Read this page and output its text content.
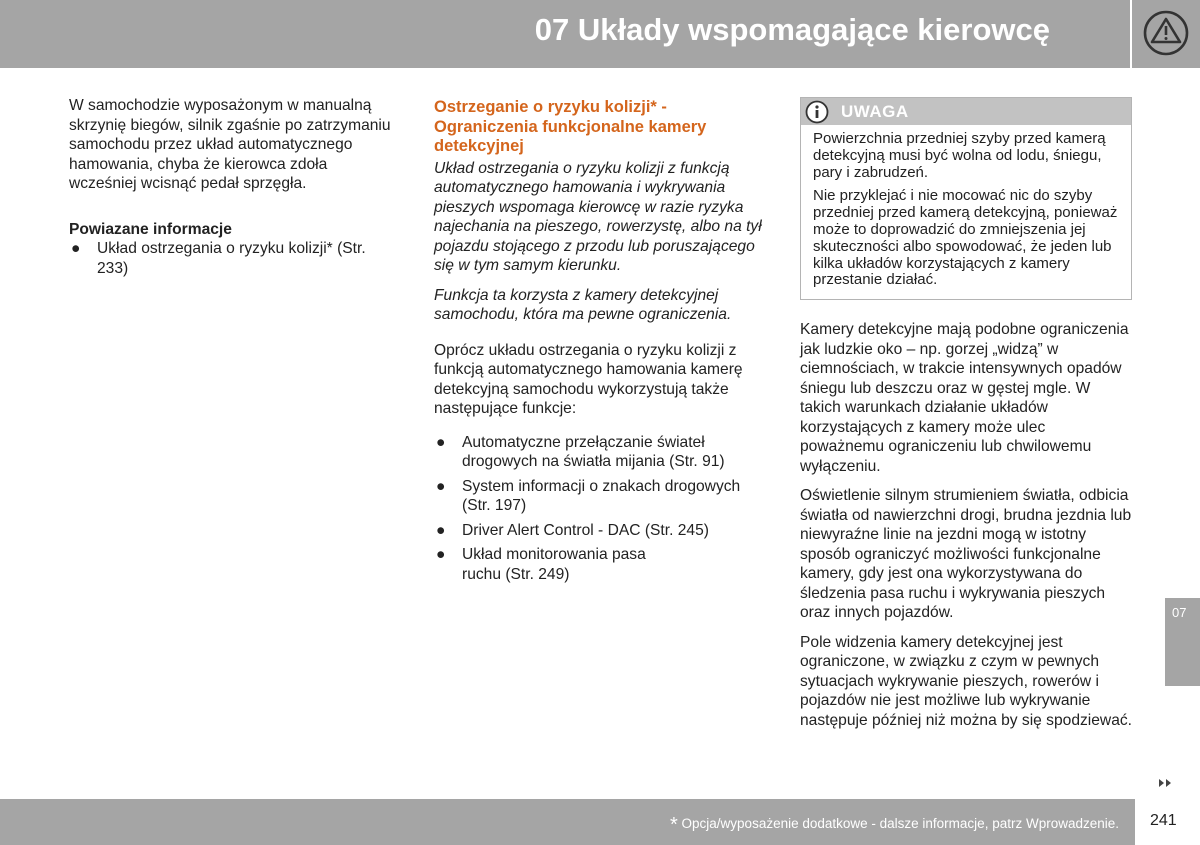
07 Układy wspomagające kierowcę

W samochodzie wyposażonym w manualną skrzynię biegów, silnik zgaśnie po zatrzymaniu samochodu przez układ automatycznego hamowania, chyba że kierowca zdoła wcześniej wcisnąć pedał sprzęgła.

Powiazane informacje
● Układ ostrzegania o ryzyku kolizji* (Str. 233)
Ostrzeganie o ryzyku kolizji* - Ograniczenia funkcjonalne kamery detekcyjnej

Układ ostrzegania o ryzyku kolizji z funkcją automatycznego hamowania i wykrywania pieszych wspomaga kierowcę w razie ryzyka najechania na pieszego, rowerzystę, albo na tył pojazdu stojącego z przodu lub poruszającego się w tym samym kierunku.

Funkcja ta korzysta z kamery detekcyjnej samochodu, która ma pewne ograniczenia.

Oprócz układu ostrzegania o ryzyku kolizji z funkcją automatycznego hamowania kamerę detekcyjną samochodu wykorzystują także następujące funkcje:

● Automatyczne przełączanie świateł drogowych na światła mijania (Str. 91)
● System informacji o znakach drogowych (Str. 197)
● Driver Alert Control - DAC (Str. 245)
● Układ monitorowania pasa ruchu (Str. 249)
UWAGA

Powierzchnia przedniej szyby przed kamerą detekcyjną musi być wolna od lodu, śniegu, pary i zabrudzeń.

Nie przyklejać i nie mocować nic do szyby przedniej przed kamerą detekcyjną, ponieważ może to doprowadzić do zmniejszenia jej skuteczności albo spowodować, że jeden lub kilka układów korzystających z kamery przestanie działać.

Kamery detekcyjne mają podobne ograniczenia jak ludzkie oko – np. gorzej „widzą” w ciemnościach, w trakcie intensywnych opadów śniegu lub deszczu oraz w gęstej mgle. W takich warunkach działanie układów korzystających z kamery może ulec poważnemu ograniczeniu lub chwilowemu wyłączeniu.

Oświetlenie silnym strumieniem światła, odbicia światła od nawierzchni drogi, brudna jezdnia lub niewyraźne linie na jezdni mogą w istotny sposób ograniczyć możliwości funkcjonalne kamery, gdy jest ona wykorzystywana do śledzenia pasa ruchu i wykrywania pieszych oraz innych pojazdów.

Pole widzenia kamery detekcyjnej jest ograniczone, w związku z czym w pewnych sytuacjach wykrywanie pieszych, rowerów i pojazdów nie jest możliwe lub wykrywanie następuje później niż można by się spodziewać.

07
* Opcja/wyposażenie dodatkowe - dalsze informacje, patrz Wprowadzenie. 241
